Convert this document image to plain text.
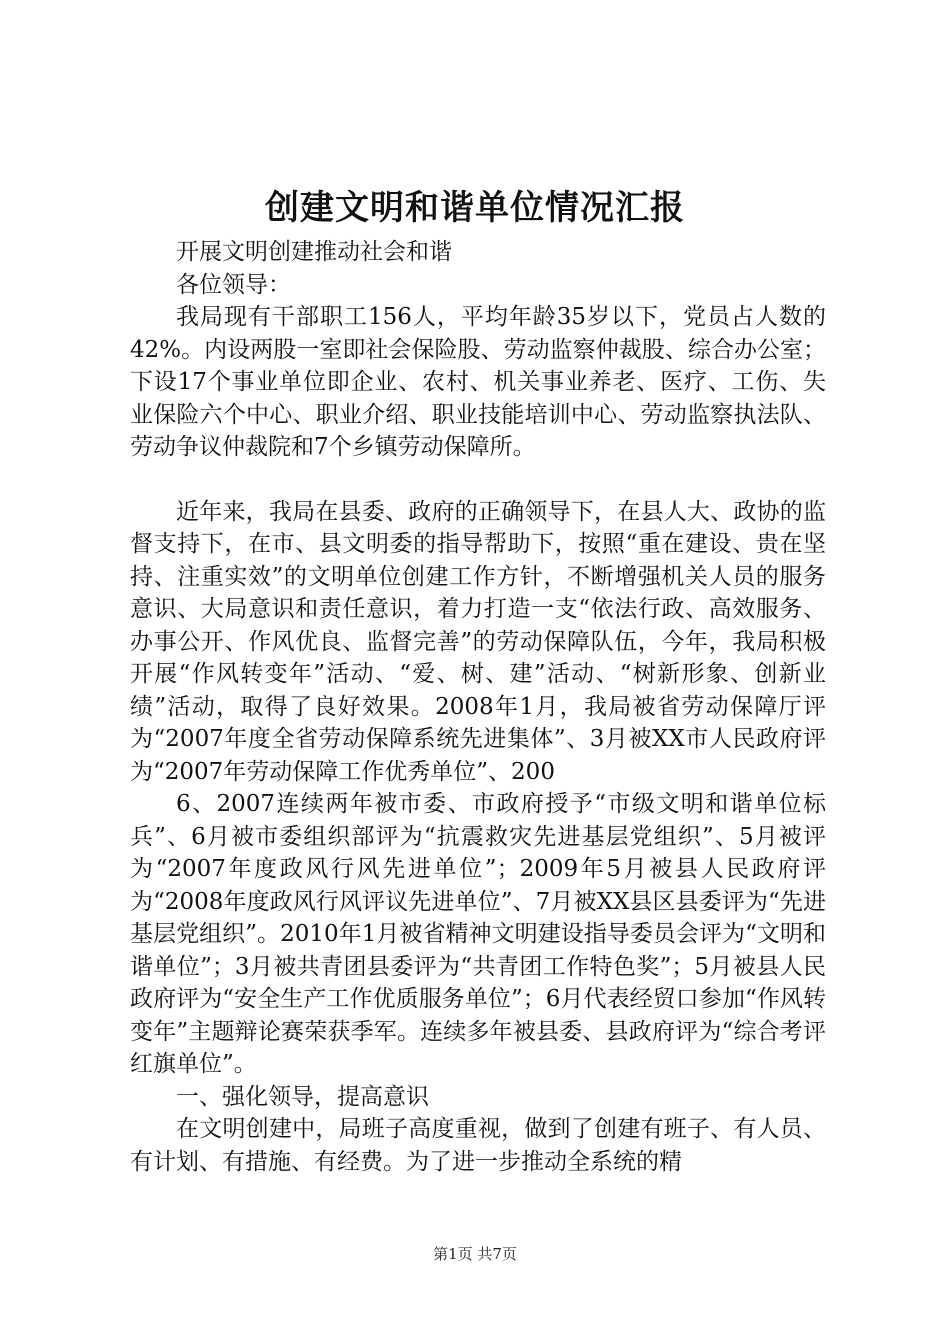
创建文明和谐单位情况汇报

开展文明创建推动社会和谐

各位领导：

我局现有干部职工156人，平均年龄35岁以下，党员占人数的42%。内设两股一室即社会保险股、劳动监察仲裁股、综合办公室；下设17个事业单位即企业、农村、机关事业养老、医疗、工伤、失业保险六个中心、职业介绍、职业技能培训中心、劳动监察执法队、劳动争议仲裁院和7个乡镇劳动保障所。

近年来，我局在县委、政府的正确领导下，在县人大、政协的监督支持下，在市、县文明委的指导帮助下，按照“重在建设、贵在坚持、注重实效”的文明单位创建工作方针，不断增强机关人员的服务意识、大局意识和责任意识，着力打造一支“依法行政、高效服务、办事公开、作风优良、监督完善”的劳动保障队伍，今年，我局积极开展“作风转变年”活动、“爱、树、建”活动、“树新形象、创新业绩”活动，取得了良好效果。2008年1月，我局被省劳动保障厅评为“2007年度全省劳动保障系统先进集体”、3月被XX市人民政府评为“2007年劳动保障工作优秀单位”、200

6、2007连续两年被市委、市政府授予“市级文明和谐单位标兵”、6月被市委组织部评为“抗震救灾先进基层党组织”、5月被评为“2007年度政风行风先进单位”；2009年5月被县人民政府评为“2008年度政风行风评议先进单位”、7月被XX县区县委评为“先进基层党组织”。2010年1月被省精神文明建设指导委员会评为“文明和谐单位”；3月被共青团县委评为“共青团工作特色奖”；5月被县人民政府评为“安全生产工作优质服务单位”；6月代表经贸口参加“作风转变年”主题辩论赛荣获季军。连续多年被县委、县政府评为“综合考评红旗单位”。

一、强化领导，提高意识

在文明创建中，局班子高度重视，做到了创建有班子、有人员、有计划、有措施、有经费。为了进一步推动全系统的精

第1页 共7页
